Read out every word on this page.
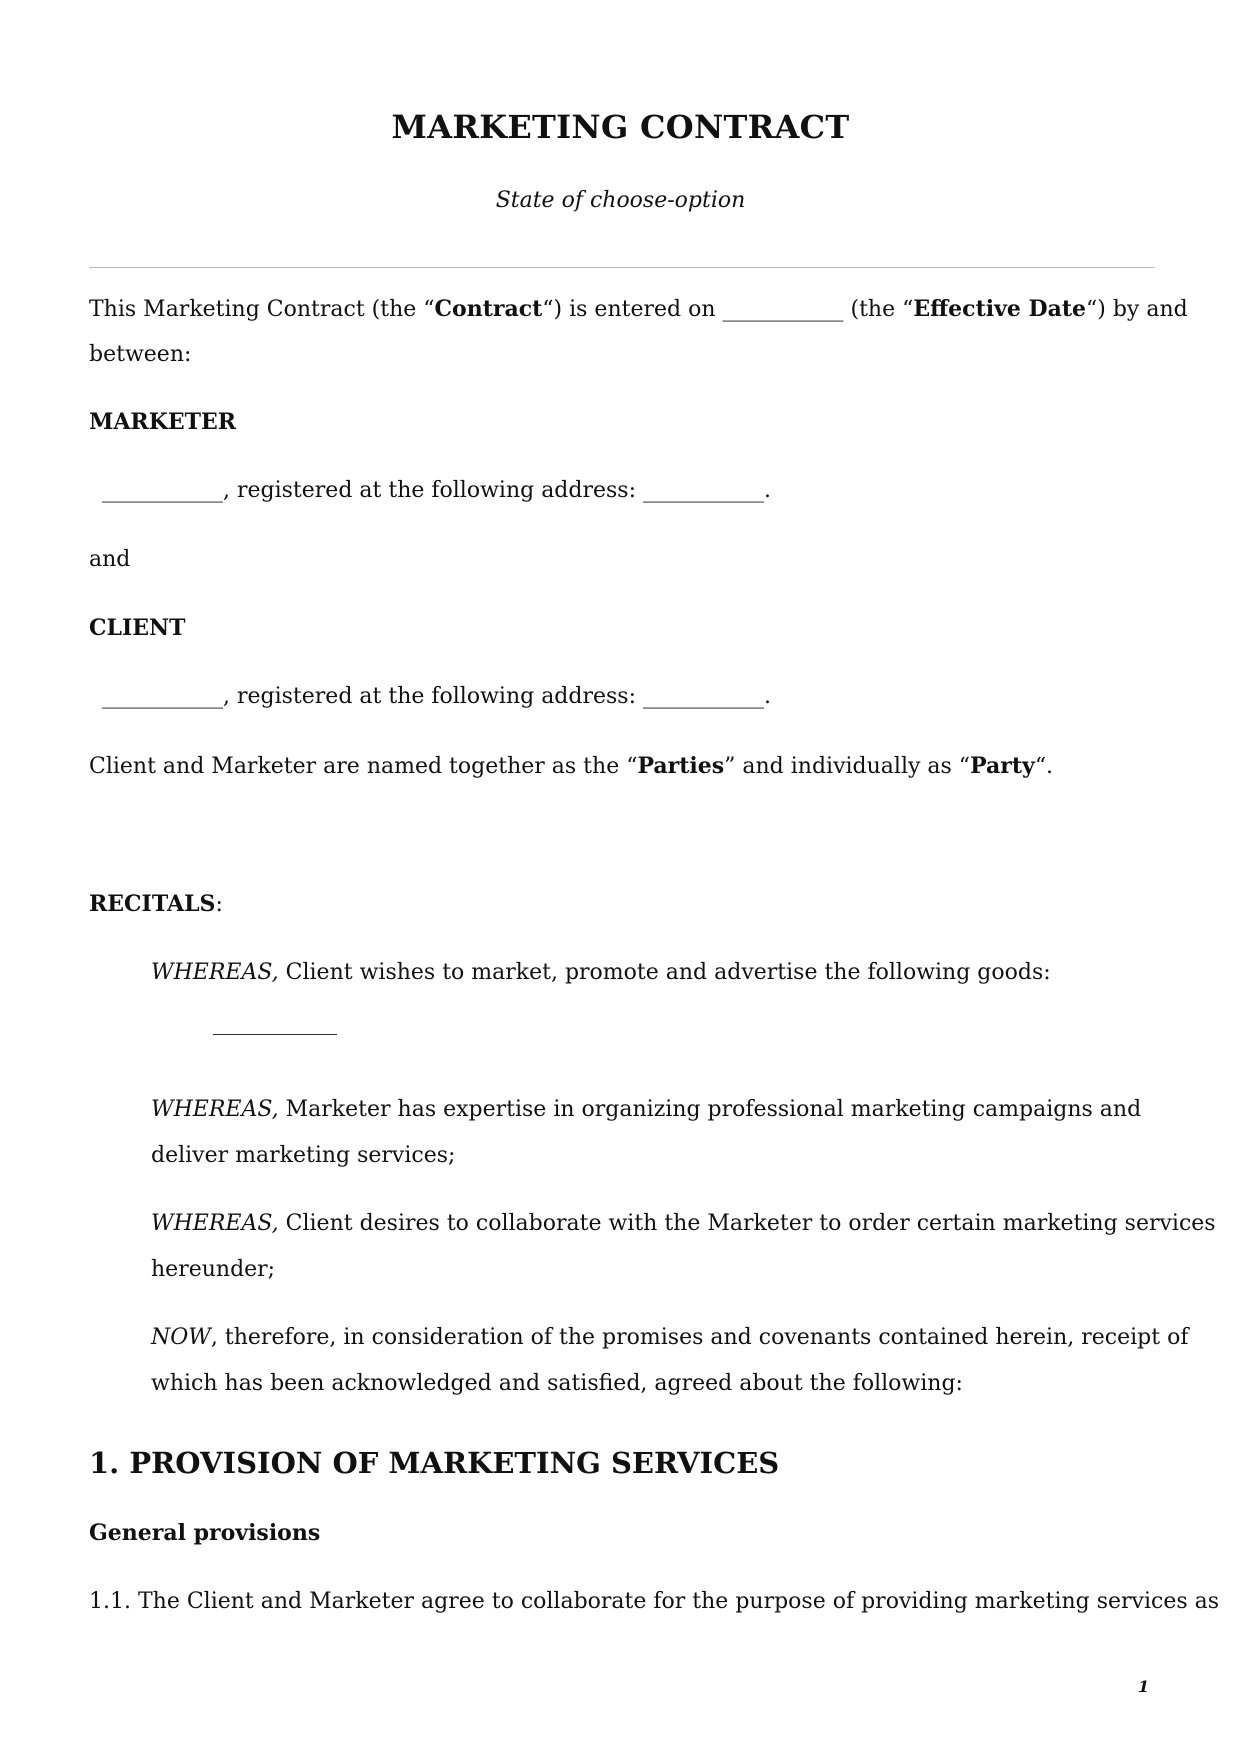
MARKETING CONTRACT
State of choose-option
This Marketing Contract (the “Contract“) is entered on ___________ (the “Effective Date“) by and
between:
MARKETER
___________, registered at the following address: ___________.
and
CLIENT
___________, registered at the following address: ___________.
Client and Marketer are named together as the “Parties” and individually as “Party“.
RECITALS:
WHEREAS, Client wishes to market, promote and advertise the following goods:
WHEREAS, Marketer has expertise in organizing professional marketing campaigns and
deliver marketing services;
WHEREAS, Client desires to collaborate with the Marketer to order certain marketing services
hereunder;
NOW, therefore, in consideration of the promises and covenants contained herein, receipt of
which has been acknowledged and satisfied, agreed about the following:
1. PROVISION OF MARKETING SERVICES
General provisions
1.1. The Client and Marketer agree to collaborate for the purpose of providing marketing services as
1
